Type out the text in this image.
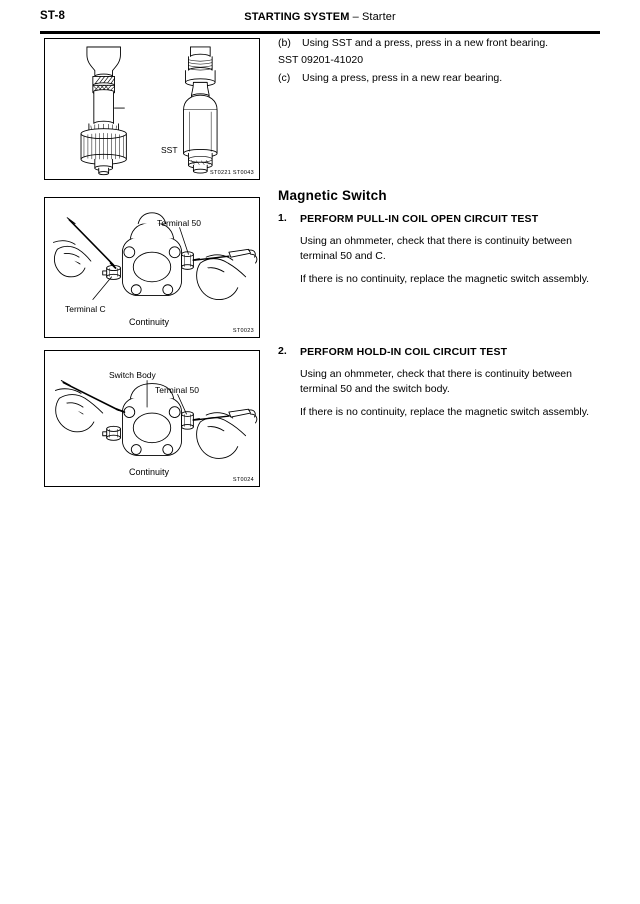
ST-8	STARTING SYSTEM – Starter
SST
ST0221 ST0043
Terminal 50
Terminal C
Continuity
ST0023
Switch Body
Terminal 50
Continuity
ST0024
(b)	Using SST and a press, press in a new front bearing.
SST 09201-41020
(c)	Using a press, press in a new rear bearing.
Magnetic Switch
1. PERFORM PULL-IN COIL OPEN CIRCUIT TEST
Using an ohmmeter, check that there is continuity between terminal 50 and C.
If there is no continuity, replace the magnetic switch assembly.
2. PERFORM HOLD-IN COIL CIRCUIT TEST
Using an ohmmeter, check that there is continuity between terminal 50 and the switch body.
If there is no continuity, replace the magnetic switch assembly.
